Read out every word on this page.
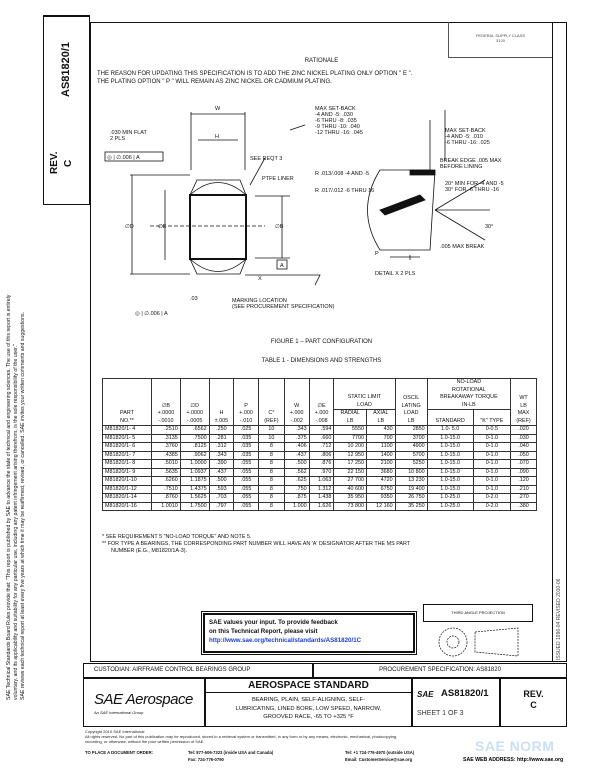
SAE Technical Standards Board Rules provide that: "This report is published by SAE to advance the state of technical and engineering sciences. The use of this report is entirely voluntary, and its applicability and suitability for any particular use, including any patent infringement arising therefrom, is the sole responsibility of the user." SAE reviews each technical report at least every five years at which time it may be reaffirmed, revised, or cancelled. SAE invites your written comments and suggestions.
AS81820/1
REV.
C
FEDERAL SUPPLY CLASS
3120
RATIONALE
THE REASON FOR UPDATING THIS SPECIFICATION IS TO ADD THE ZINC NICKEL PLATING ONLY OPTION " E ".
THE PLATING OPTION " P " WILL REMAIN AS ZINC NICKEL OR CADMIUM PLATING.
W
H
.030 MIN FLAT 2 PLS
◎ | ∅.006 | A	SEE REQT 3
PTFE LINER
∅D	∅E	∅B
A
X
.03	MARKING LOCATION (SEE PROCUREMENT SPECIFICATION)
◎ | ∅.006 | A
R .013/.008 -4 AND -5
R .017/.012 -6 THRU 16
MAX SET-BACK -4 AND -5: .030 -6 THRU -8: .035 -9 THRU -10: .040 -12 THRU -16: .045	MAX SET-BACK -4 AND -5: .010 -6 THRU -16: .025
BREAK EDGE .005 MAX BEFORE LINING
20° MIN FOR -4 AND -5 30° FOR -6 THRU -16
30°
.005 MAX BREAK
P
DETAIL X 2 PLS
FIGURE 1 – PART CONFIGURATION
TABLE 1 - DIMENSIONS AND STRENGTHS
PART
NO.**	∅B
+.0000
-.0010	∅D
+.0000
-.0005	H
±.005	P
+.000
-.010	C°
(REF)	W
+.000
-.002	∅E
+.000
-.008	STATIC LIMIT
LOAD		OSCIL
LATING
LOAD
LB	NO-LOAD
ROTATIONAL
BREAKAWAY TORQUE
IN-LB		WT
LB
MAX
(REF)
								RADIAL
LB	AXIAL
LB		STANDARD	"K" TYPE	
M81820/1- 4	.2510	.6562	.250	.025	10	.343	.594	5550	430	2850	1.0- 5.0	0-0.5	.020
M81820/1- 5	.3135	.7500	.281	.035	10	.375	.660	7700	700	3700	1.0-15.0	0-1.0	.030
M81820/1- 6	.3760	.8125	.312	.035	8	.406	.712	10 200	1100	4900	1.0-15.0	0-1.0	.040
M81820/1- 7	.4385	.9062	.343	.035	8	.437	.806	12 950	1400	5700	1.0-15.0	0-1.0	.050
M81820/1- 8	.5010	1.0000	.390	.055	8	.500	.876	17 250	2100	5250	1.0-15.0	0-1.0	.070
M81820/1- 9	.5635	1.0937	.437	.055	8	.562	.970	22 150	3680	10 800	1.0-15.0	0-1.0	.090
M81820/1-10	.6260	1.1875	.500	.055	8	.625	1.063	27 700	4720	13 230	1.0-15.0	0-1.0	.120
M81820/1-12	.7510	1.4375	.593	.055	8	.750	1.312	40 600	6750	19 400	1.0-15.0	0-1.0	.210
M81820/1-14	.8760	1.5625	.703	.055	8	.875	1.438	35 950	9350	26 750	1.0-25.0	0-2.0	.270
M81820/1-16	1.0010	1.7500	.797	.055	8	1.000	1.626	73 800	12 160	35 250	1.0-25.0	0-2.0	.380
* SEE REQUIREMENT 5 "NO-LOAD TORQUE" AND NOTE 5.
** FOR TYPE A BEARINGS, THE CORRESPONDING PART NUMBER WILL HAVE AN 'A' DESIGNATOR AFTER THE MS PART
NUMBER (E.G., M81820/1A-3).
ISSUED 1996-04 REVISED 2010-06
SAE values your input. To provide feedback
on this Technical Report, please visit
http://www.sae.org/technical/standards/AS81820/1C
THIRD ANGLE PROJECTION
CUSTODIAN: AIRFRAME CONTROL BEARINGS GROUP	PROCUREMENT SPECIFICATION: AS81820
SAE Aerospace
An SAE International Group
AEROSPACE STANDARD
BEARING, PLAIN, SELF-ALIGNING, SELF-
LUBRICATING, LINED BORE, LOW SPEED, NARROW,
GROOVED RACE, -65 TO +325 °F
SAE AS81820/1
SHEET 1 OF 3
REV.
C
Copyright 2010 SAE International
All rights reserved. No part of this publication may be reproduced, stored in a retrieval system or transmitted, in any form or by any means, electronic, mechanical, photocopying,
recording, or otherwise, without the prior written permission of SAE.	SAE NORM
TO PLACE A DOCUMENT ORDER:	Tel: 877-606-7323 (inside USA and Canada)
Fax: 724-776-0790
Tel: +1 724-776-4970 (outside USA)
Email: CustomerService@sae.org	SAE WEB ADDRESS: http://www.sae.org
